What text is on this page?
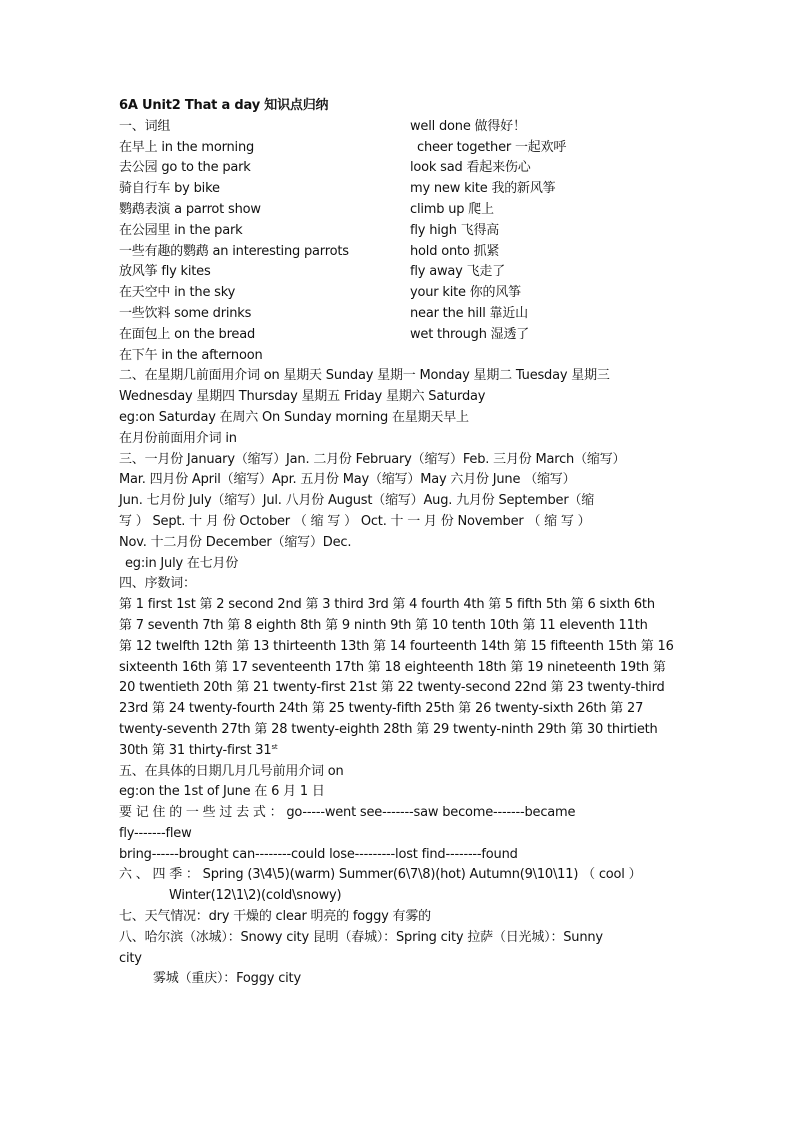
6A Unit2 That a day 知识点归纳
一、词组	well done 做得好！
在早上 in the morning	cheer together 一起欢呼
去公园 go to the park	look sad 看起来伤心
骑自行车 by bike	my new kite 我的新风筝
鹦鹉表演 a parrot show	climb up 爬上
在公园里 in the park	fly high 飞得高
一些有趣的鹦鹉 an interesting parrots	hold onto 抓紧
放风筝 fly kites	fly away 飞走了
在天空中 in the sky	your kite 你的风筝
一些饮料 some drinks	near the hill 靠近山
在面包上 on the bread	wet through 湿透了
在下午 in the afternoon
二、在星期几前面用介词 on 星期天 Sunday 星期一 Monday 星期二 Tuesday 星期三
Wednesday 星期四 Thursday 星期五 Friday 星期六 Saturday
eg:on Saturday 在周六 On Sunday morning 在星期天早上
在月份前面用介词 in
三、一月份 January（缩写）Jan. 二月份 February（缩写）Feb. 三月份 March（缩写）
Mar. 四月份 April（缩写）Apr. 五月份 May（缩写）May 六月份 June （缩写）
Jun. 七月份 July（缩写）Jul. 八月份 August（缩写）Aug. 九月份 September（缩
写 ） Sept. 十 月 份 October （ 缩 写 ） Oct. 十 一 月 份 November （ 缩 写 ）
Nov. 十二月份 December（缩写）Dec.
eg:in July 在七月份
四、序数词：
第 1 first 1st 第 2 second 2nd 第 3 third 3rd 第 4 fourth 4th 第 5 fifth 5th 第 6 sixth 6th
第 7 seventh 7th 第 8 eighth 8th 第 9 ninth 9th 第 10 tenth 10th 第 11 eleventh 11th
第 12 twelfth 12th 第 13 thirteenth 13th 第 14 fourteenth 14th 第 15 fifteenth 15th 第 16
sixteenth 16th 第 17 seventeenth 17th 第 18 eighteenth 18th 第 19 nineteenth 19th 第
20 twentieth 20th 第 21 twenty-first 21st 第 22 twenty-second 22nd 第 23 twenty-third
23rd 第 24 twenty-fourth 24th 第 25 twenty-fifth 25th 第 26 twenty-sixth 26th 第 27
twenty-seventh 27th 第 28 twenty-eighth 28th 第 29 twenty-ninth 29th 第 30 thirtieth
30th 第 31 thirty-first 31st
五、在具体的日期几月几号前用介词 on
eg:on the 1st of June 在 6 月 1 日
要 记 住 的 一 些 过 去 式 ： go-----went see-------saw become-------became
fly-------flew
bring------brought can--------could lose---------lost find--------found
六 、 四 季 ： Spring (3\4\5)(warm) Summer(6\7\8)(hot) Autumn(9\10\11) （ cool ）
Winter(12\1\2)(cold\snowy)
七、天气情况：dry 干燥的 clear 明亮的 foggy 有雾的
八、哈尔滨（冰城）：Snowy city 昆明（春城）：Spring city 拉萨（日光城）：Sunny
city
雾城（重庆）：Foggy city
